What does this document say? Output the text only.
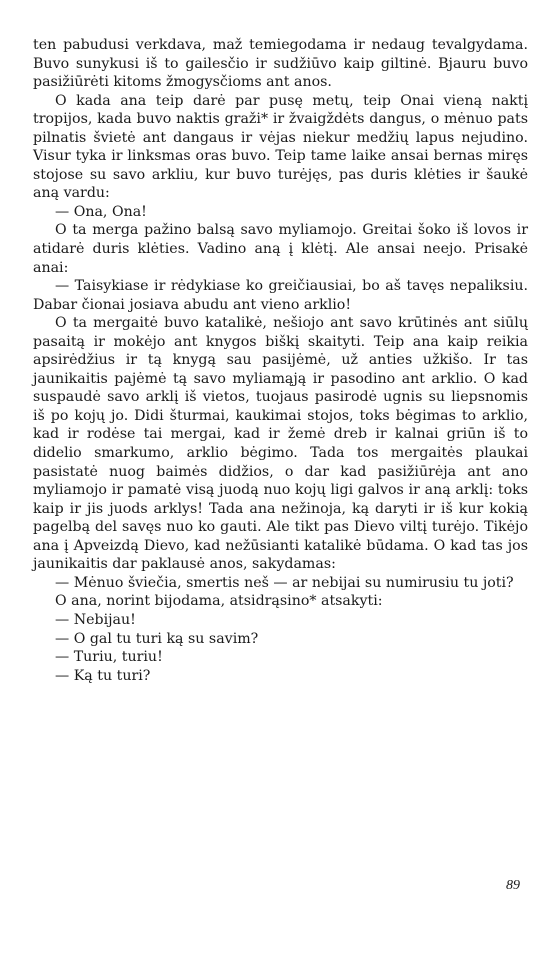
ten pabudusi verkdava, maž temiegodama ir nedaug tevalgydama. Buvo sunykusi iš to gailesčio ir sudžiūvo kaip giltinė. Bjauru buvo pasižiūrėti kitoms žmogysčioms ant anos.

O kada ana teip darė par pusę metų, teip Onai vieną naktį tropijos, kada buvo naktis graži* ir žvaigždėts dangus, o mėnuo pats pilnatis švietė ant dangaus ir vėjas niekur medžių lapus nejudino. Visur tyka ir linksmas oras buvo. Teip tame laike ansai bernas miręs stojose su savo arkliu, kur buvo turėjęs, pas duris klėties ir šaukė aną vardu:

— Ona, Ona!

O ta merga pažino balsą savo myliamojo. Greitai šoko iš lovos ir atidarė duris klėties. Vadino aną į klėtį. Ale ansai neejo. Prisakė anai:

— Taisykiase ir rėdykiase ko greičiausiai, bo aš tavęs nepaliksiu. Dabar čionai josiava abudu ant vieno arklio!

O ta mergaitė buvo katalikė, nešiojo ant savo krūtinės ant siūlų pasaitą ir mokėjo ant knygos biškį skaityti. Teip ana kaip reikia apsirėdžius ir tą knygą sau pasijėmė, už anties užkišo. Ir tas jaunikaitis pajėmė tą savo myliamąją ir pasodino ant arklio. O kad suspaudė savo arklį iš vietos, tuojaus pasirodė ugnis su liepsnomis iš po kojų jo. Didi šturmai, kaukimai stojos, toks bėgimas to arklio, kad ir rodėse tai mergai, kad ir žemė dreb ir kalnai griūn iš to didelio smarkumo, arklio bėgimo. Tada tos mergaitės plaukai pasistatė nuog baimės didžios, o dar kad pasižiūrėja ant ano myliamojo ir pamatė visą juodą nuo kojų ligi galvos ir aną arklį: toks kaip ir jis juods arklys! Tada ana nežinoja, ką daryti ir iš kur kokią pagelbą del savęs nuo ko gauti. Ale tikt pas Dievo viltį turėjo. Tikėjo ana į Apveizdą Dievo, kad nežūsianti katalikė būdama. O kad tas jos jaunikaitis dar paklausė anos, sakydamas:

— Mėnuo šviečia, smertis neš — ar nebijai su numirusiu tu joti?

O ana, norint bijodama, atsidrąsino* atsakyti:

— Nebijau!

— O gal tu turi ką su savim?

— Turiu, turiu!

— Ką tu turi?

89
